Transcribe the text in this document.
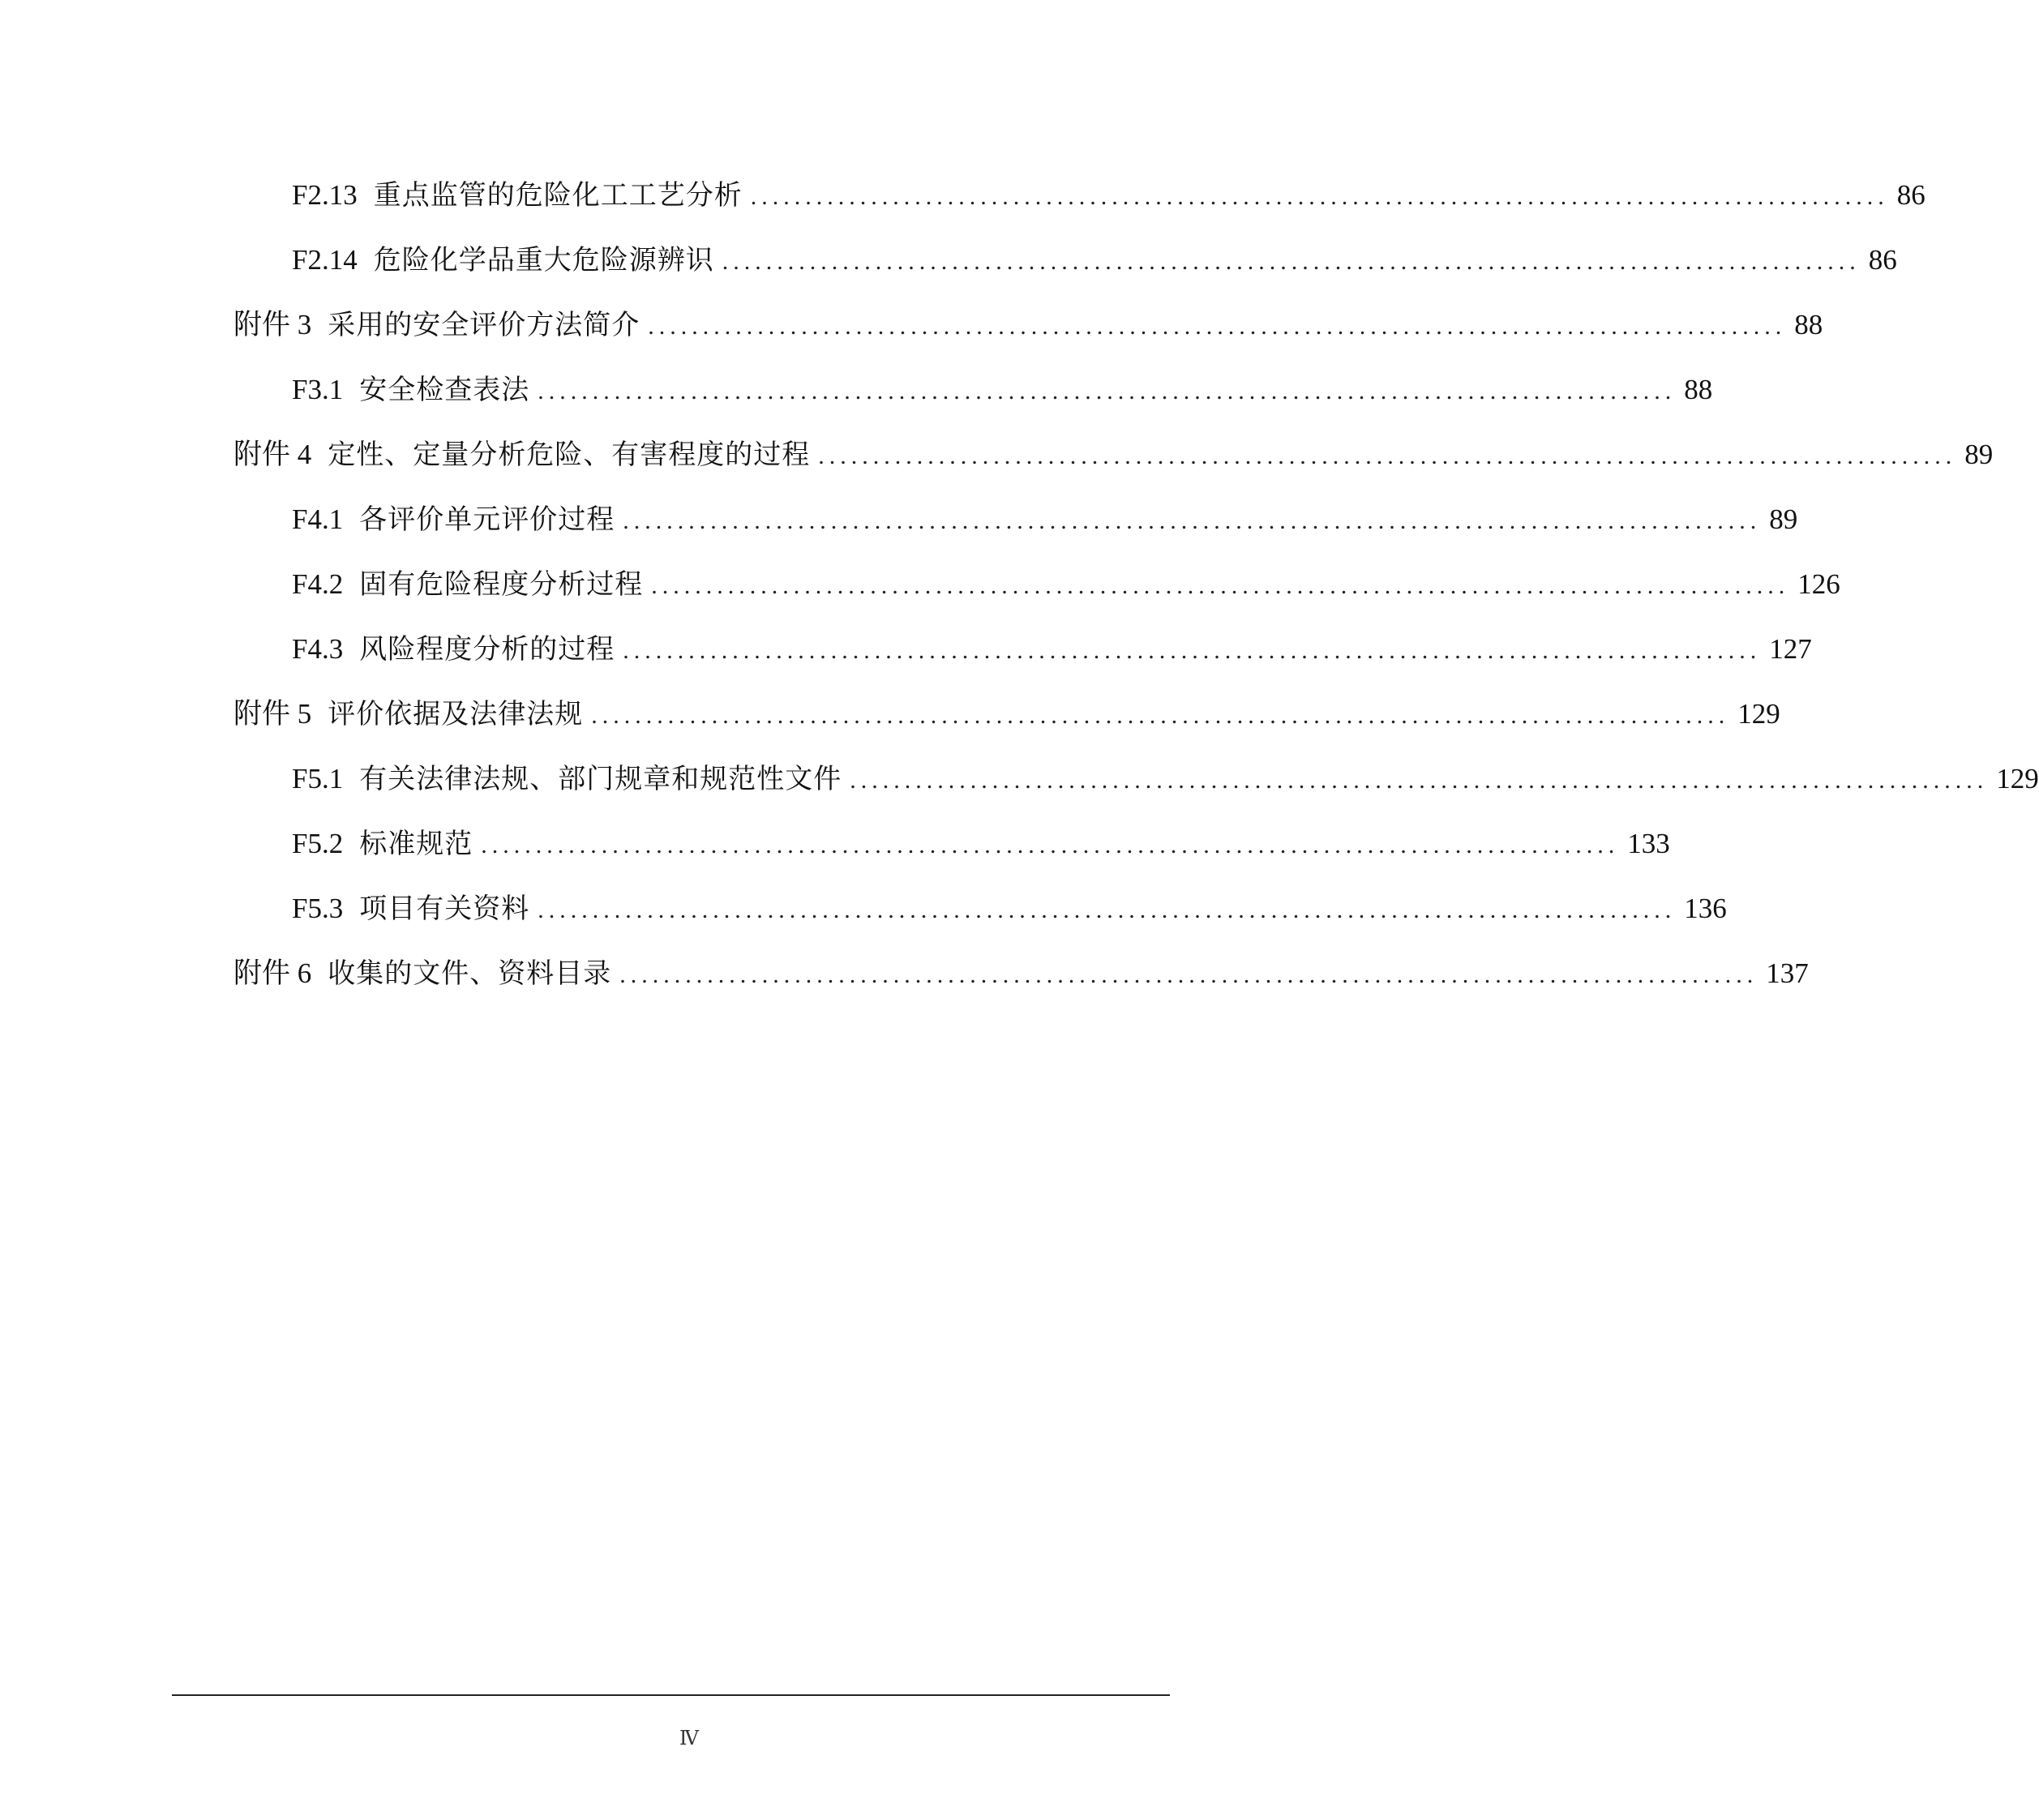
F2.13 重点监管的危险化工工艺分析 ........................................................................................................ 86
F2.14 危险化学品重大危险源辨识 ........................................................................................................ 86
附件 3 采用的安全评价方法简介 ........................................................................................................ 88
F3.1 安全检查表法 ........................................................................................................ 88
附件 4 定性、定量分析危险、有害程度的过程 ........................................................................................................ 89
F4.1 各评价单元评价过程 ........................................................................................................ 89
F4.2 固有危险程度分析过程 ........................................................................................................ 126
F4.3 风险程度分析的过程 ........................................................................................................ 127
附件 5 评价依据及法律法规 ........................................................................................................ 129
F5.1 有关法律法规、部门规章和规范性文件 ........................................................................................................ 129
F5.2 标准规范 ........................................................................................................ 133
F5.3 项目有关资料 ........................................................................................................ 136
附件 6 收集的文件、资料目录 ........................................................................................................ 137
Ⅳ
